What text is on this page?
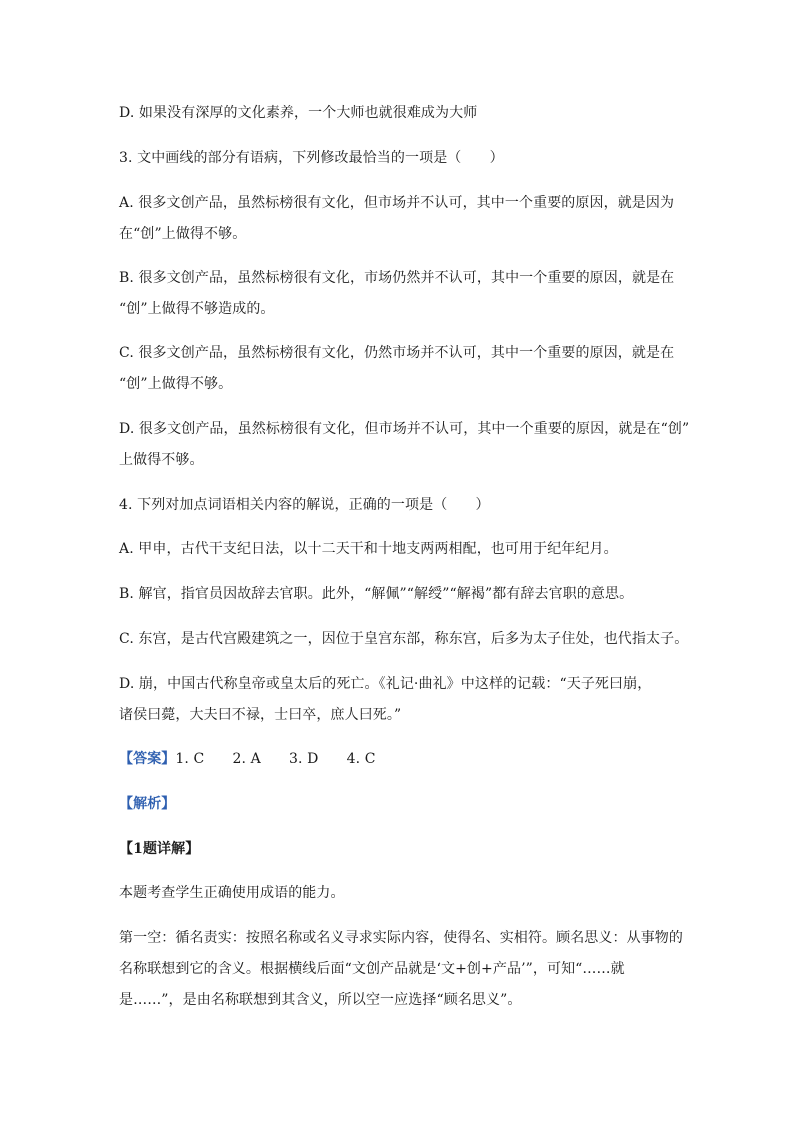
D. 如果没有深厚的文化素养，一个大师也就很难成为大师
3. 文中画线的部分有语病，下列修改最恰当的一项是（　　）
A. 很多文创产品，虽然标榜很有文化，但市场并不认可，其中一个重要的原因，就是因为
在“创”上做得不够。
B. 很多文创产品，虽然标榜很有文化，市场仍然并不认可，其中一个重要的原因，就是在
“创”上做得不够造成的。
C. 很多文创产品，虽然标榜很有文化，仍然市场并不认可，其中一个重要的原因，就是在
“创”上做得不够。
D. 很多文创产品，虽然标榜很有文化，但市场并不认可，其中一个重要的原因，就是在“创”
上做得不够。
4. 下列对加点词语相关内容的解说，正确的一项是（　　）
A. 甲申，古代干支纪日法，以十二天干和十地支两两相配，也可用于纪年纪月。
B. 解官，指官员因故辞去官职。此外，“解佩”“解绶”“解褐”都有辞去官职的意思。
C. 东宫，是古代宫殿建筑之一，因位于皇宫东部，称东宫，后多为太子住处，也代指太子。
D. 崩，中国古代称皇帝或皇太后的死亡。《礼记·曲礼》中这样的记载：“天子死曰崩，
诸侯曰薨，大夫曰不禄，士曰卒，庶人曰死。”
【答案】1. C　　2. A　　3. D　　4. C
【解析】
【1题详解】
本题考查学生正确使用成语的能力。
第一空：循名责实：按照名称或名义寻求实际内容，使得名、实相符。顾名思义：从事物的
名称联想到它的含义。根据横线后面“文创产品就是‘文+创+产品’”，可知“……就
是……”，是由名称联想到其含义，所以空一应选择“顾名思义”。
